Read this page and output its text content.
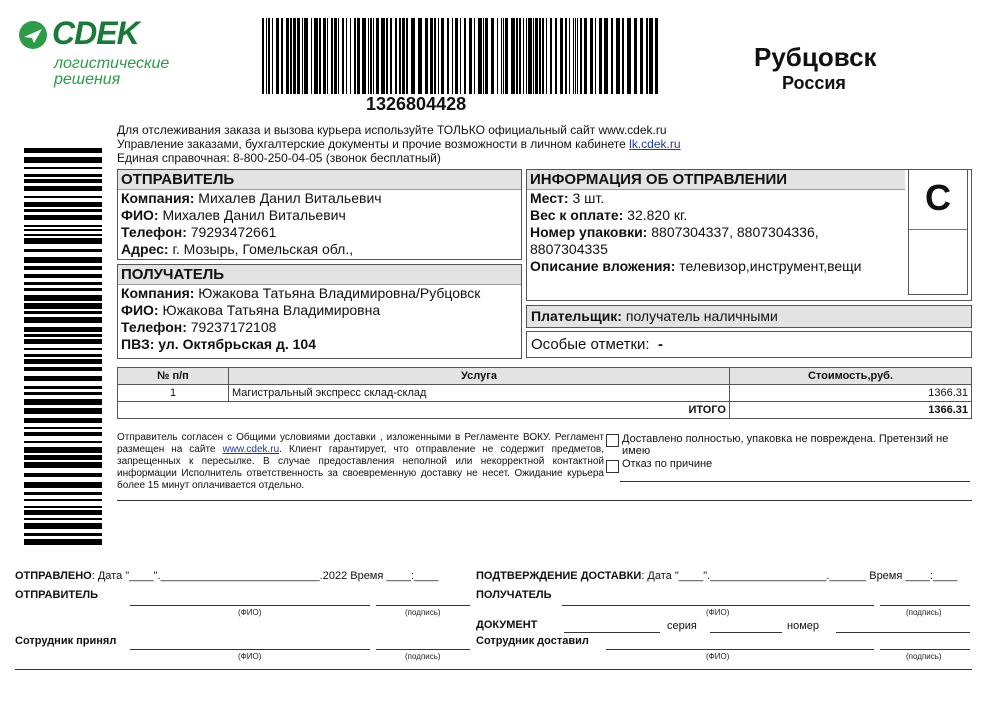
CDEK
логистические
решения
1326804428
Рубцовск
Россия
Для отслеживания заказа и вызова курьера используйте ТОЛЬКО официальный сайт www.cdek.ru
Управление заказами, бухгалтерские документы и прочие возможности в личном кабинете lk.cdek.ru
Единая справочная: 8-800-250-04-05 (звонок бесплатный)
ОТПРАВИТЕЛЬ
Компания: Михалев Данил Витальевич
ФИО: Михалев Данил Витальевич
Телефон: 79293472661
Адрес: г. Мозырь, Гомельская обл.,
ПОЛУЧАТЕЛЬ
Компания: Южакова Татьяна Владимировна/Рубцовск
ФИО: Южакова Татьяна Владимировна
Телефон: 79237172108
ПВЗ: ул. Октябрьская д. 104
ИНФОРМАЦИЯ ОБ ОТПРАВЛЕНИИ
Мест: 3 шт.
Вес к оплате: 32.820 кг.
Номер упаковки: 8807304337, 8807304336,
8807304335
Описание вложения: телевизор,инструмент,вещи
C
Плательщик: получатель наличными
Особые отметки: -
№ п/п	Услуга	Стоимость,руб.
1	Магистральный экспресс склад-склад	1366.31
ИТОГО		1366.31
Отправитель согласен с Общими условиями доставки , изложенными в Регламенте ВОКУ. Регламент размещен на сайте www.cdek.ru. Клиент гарантирует, что отправление не содержит предметов, запрещенных к пересылке. В случае предоставления неполной или некорректной контактной информации Исполнитель ответственность за своевременную доставку не несет. Ожидание курьера более 15 минут оплачивается отдельно.
Доставлено полностью, упаковка не повреждена. Претензий не
имею
Отказ по причине
ОТПРАВЛЕНО: Дата "____".__________________________.2022 Время ____:____
ОТПРАВИТЕЛЬ
(ФИО)	(подпись)
Сотрудник принял
(ФИО)	(подпись)
ПОДТВЕРЖДЕНИЕ ДОСТАВКИ: Дата "____".___________________.______ Время ____:____
ПОЛУЧАТЕЛЬ
(ФИО)	(подпись)
ДОКУМЕНТ	серия	номер
Сотрудник доставил
(ФИО)	(подпись)
